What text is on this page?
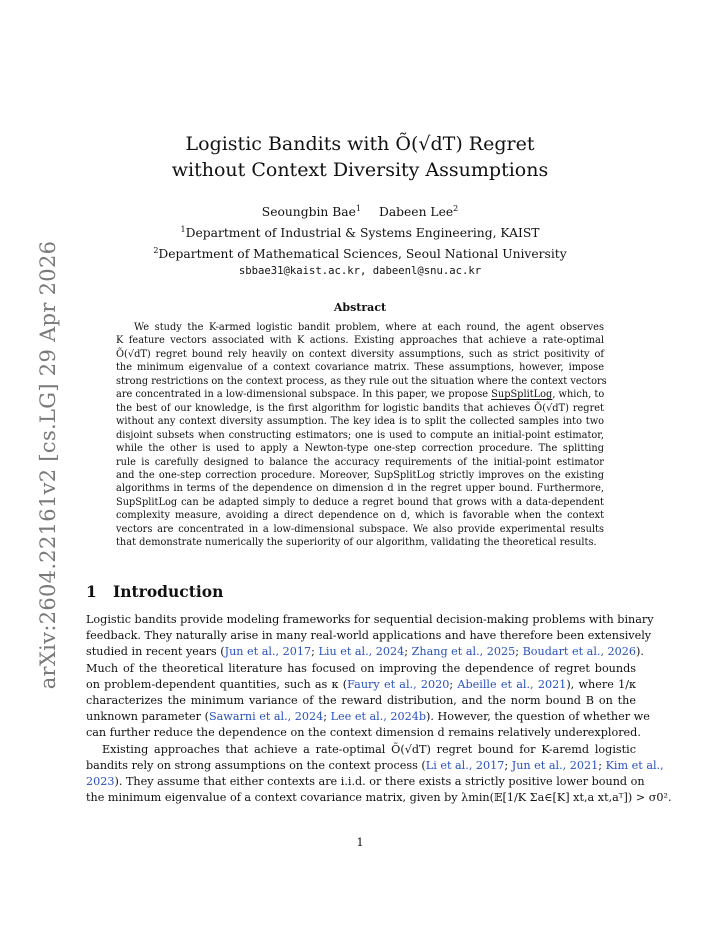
arXiv:2604.22161v2 [cs.LG] 29 Apr 2026
Logistic Bandits with Õ(√dT) Regret
without Context Diversity Assumptions
Seoungbin Bae$^1$ Dabeen Lee$^2$
$^1$Department of Industrial & Systems Engineering, KAIST
$^2$Department of Mathematical Sciences, Seoul National University
sbbae31@kaist.ac.kr, dabeenl@snu.ac.kr
Abstract
We study the K-armed logistic bandit problem, where at each round, the agent observes
K feature vectors associated with K actions. Existing approaches that achieve a rate-optimal
Õ(√dT) regret bound rely heavily on context diversity assumptions, such as strict positivity of
the minimum eigenvalue of a context covariance matrix. These assumptions, however, impose
strong restrictions on the context process, as they rule out the situation where the context vectors
are concentrated in a low-dimensional subspace. In this paper, we propose SupSplitLog, which, to
the best of our knowledge, is the first algorithm for logistic bandits that achieves Õ(√dT) regret
without any context diversity assumption. The key idea is to split the collected samples into two
disjoint subsets when constructing estimators; one is used to compute an initial-point estimator,
while the other is used to apply a Newton-type one-step correction procedure. The splitting
rule is carefully designed to balance the accuracy requirements of the initial-point estimator
and the one-step correction procedure. Moreover, SupSplitLog strictly improves on the existing
algorithms in terms of the dependence on dimension d in the regret upper bound. Furthermore,
SupSplitLog can be adapted simply to deduce a regret bound that grows with a data-dependent
complexity measure, avoiding a direct dependence on d, which is favorable when the context
vectors are concentrated in a low-dimensional subspace. We also provide experimental results
that demonstrate numerically the superiority of our algorithm, validating the theoretical results.
1 Introduction
Logistic bandits provide modeling frameworks for sequential decision-making problems with binary
feedback. They naturally arise in many real-world applications and have therefore been extensively
studied in recent years (Jun et al., 2017; Liu et al., 2024; Zhang et al., 2025; Boudart et al., 2026).
Much of the theoretical literature has focused on improving the dependence of regret bounds
on problem-dependent quantities, such as κ (Faury et al., 2020; Abeille et al., 2021), where 1/κ
characterizes the minimum variance of the reward distribution, and the norm bound B on the
unknown parameter (Sawarni et al., 2024; Lee et al., 2024b). However, the question of whether we
can further reduce the dependence on the context dimension d remains relatively underexplored.
Existing approaches that achieve a rate-optimal Õ(√dT) regret bound for K-aremd logistic
bandits rely on strong assumptions on the context process (Li et al., 2017; Jun et al., 2021; Kim et al.,
2023). They assume that either contexts are i.i.d. or there exists a strictly positive lower bound on
the minimum eigenvalue of a context covariance matrix, given by λmin(𝔼[1/K Σa∈[K] xt,a xt,aᵀ]) > σ0².
1
